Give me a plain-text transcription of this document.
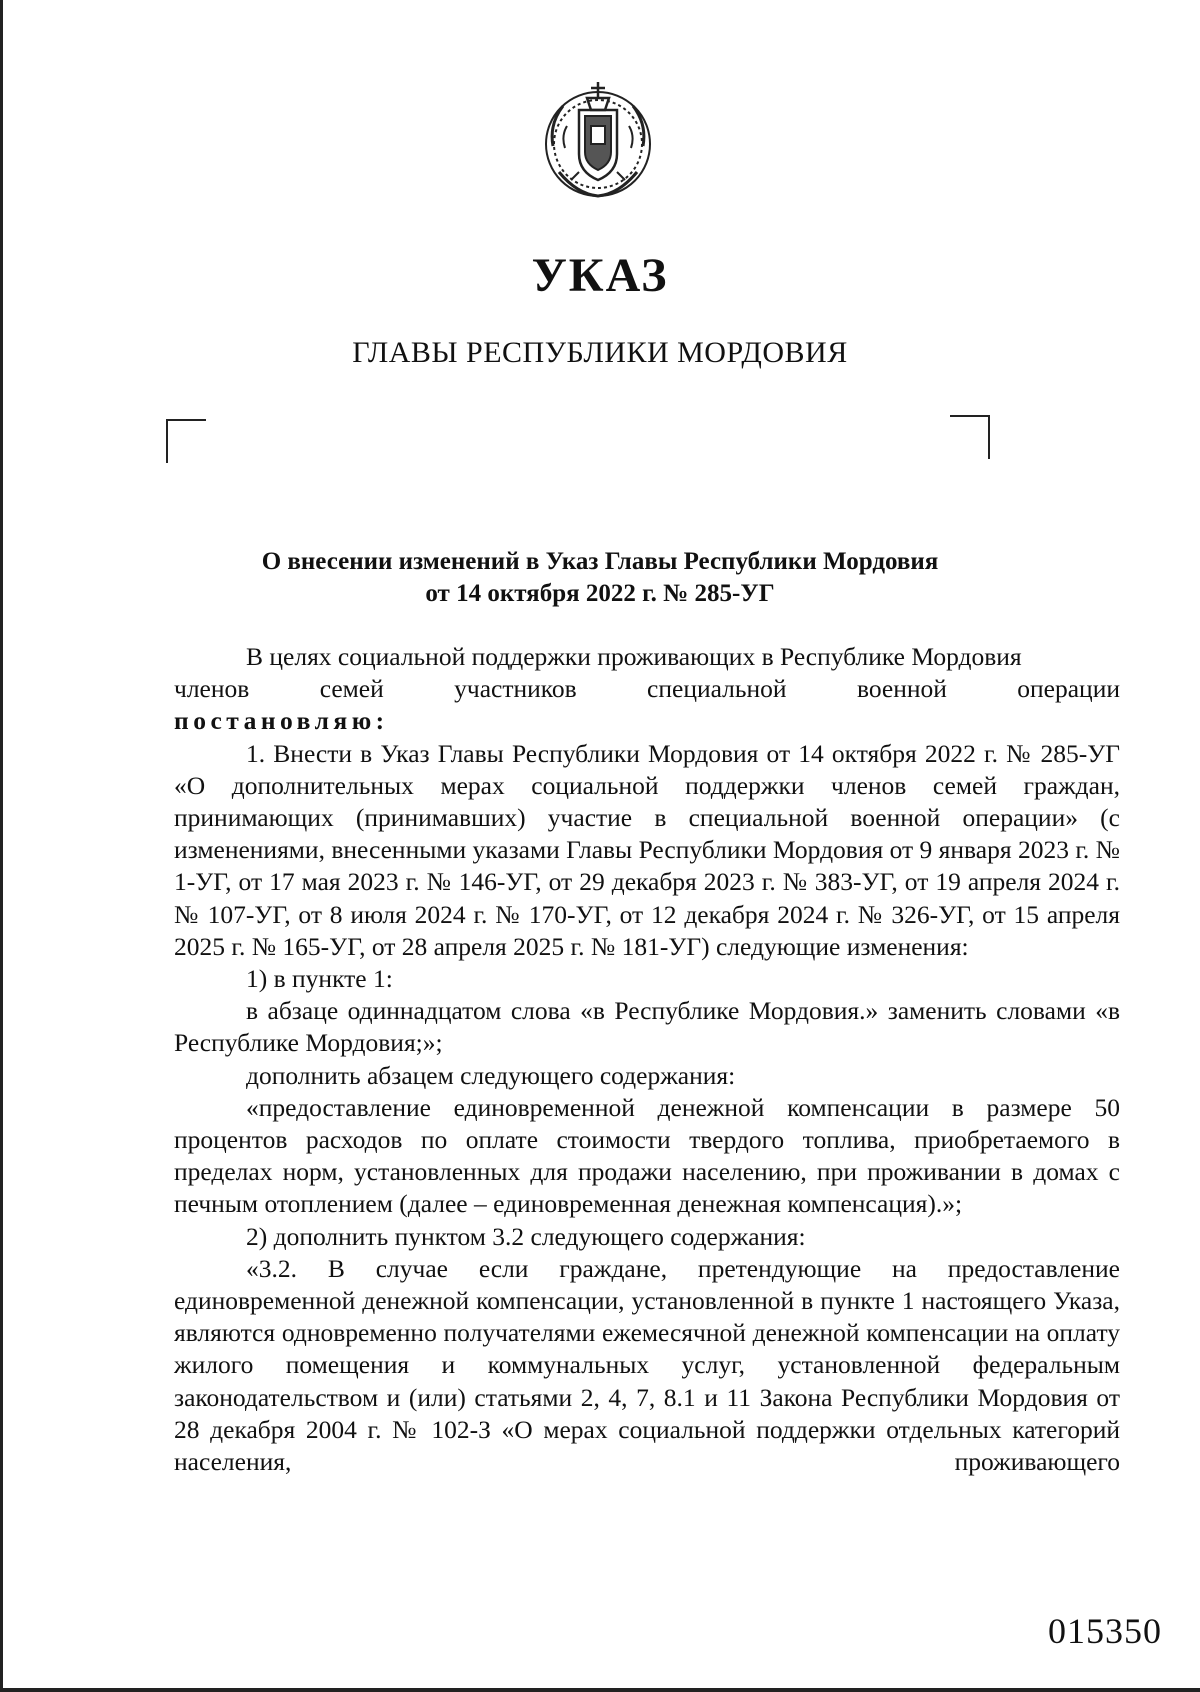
УКАЗ
ГЛАВЫ РЕСПУБЛИКИ МОРДОВИЯ
О внесении изменений в Указ Главы Республики Мордовия
от 14 октября 2022 г. № 285-УГ

В целях социальной поддержки проживающих в Республике Мордовия

членов семей участников специальной военной операции

постановляю:

1. Внести в Указ Главы Республики Мордовия от 14 октября 2022 г. № 285-УГ «О дополнительных мерах социальной поддержки членов семей граждан, принимающих (принимавших) участие в специальной военной операции» (с изменениями, внесенными указами Главы Республики Мордовия от 9 января 2023 г. № 1-УГ, от 17 мая 2023 г. № 146-УГ, от 29 декабря 2023 г. № 383-УГ, от 19 апреля 2024 г. № 107-УГ, от 8 июля 2024 г. № 170-УГ, от 12 декабря 2024 г. № 326-УГ, от 15 апреля 2025 г. № 165-УГ, от 28 апреля 2025 г. № 181-УГ) следующие изменения:

1) в пункте 1:

в абзаце одиннадцатом слова «в Республике Мордовия.» заменить словами «в Республике Мордовия;»;

дополнить абзацем следующего содержания:

«предоставление единовременной денежной компенсации в размере 50 процентов расходов по оплате стоимости твердого топлива, приобретаемого в пределах норм, установленных для продажи населению, при проживании в домах с печным отоплением (далее – единовременная денежная компенсация).»;

2) дополнить пунктом 3.2 следующего содержания:

«3.2. В случае если граждане, претендующие на предоставление единовременной денежной компенсации, установленной в пункте 1 настоящего Указа, являются одновременно получателями ежемесячной денежной компенсации на оплату жилого помещения и коммунальных услуг, установленной федеральным законодательством и (или) статьями 2, 4, 7, 8.1 и 11 Закона Республики Мордовия от 28 декабря 2004 г. № 102-З «О мерах социальной поддержки отдельных категорий населения, проживающего

015350
